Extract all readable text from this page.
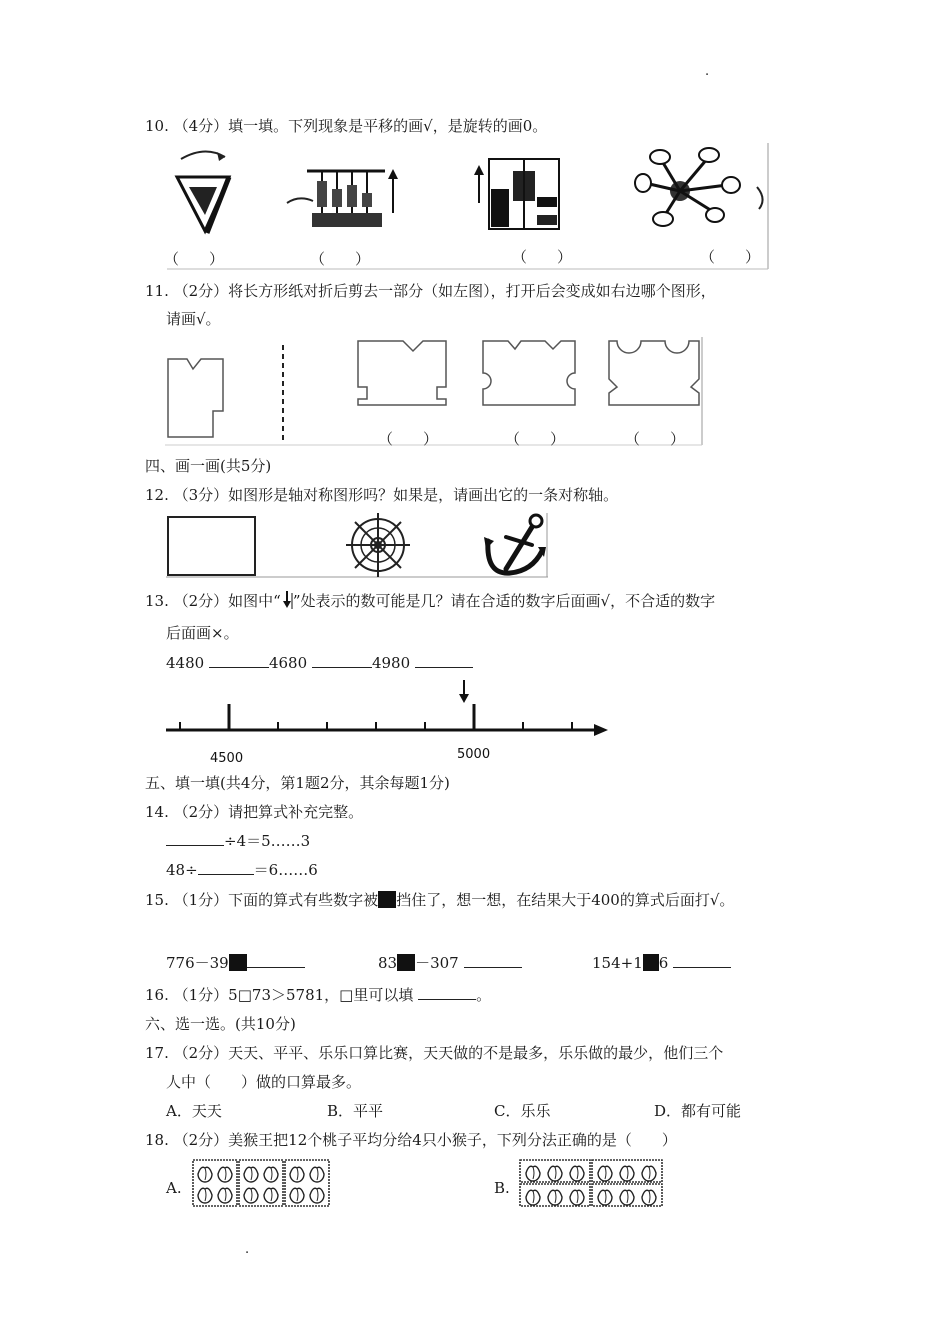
.
10. （4分）填一填。下列现象是平移的画√，是旋转的画0。
（　　）	（　　）	（　　）	（　　）
11. （2分）将长方形纸对折后剪去一部分（如左图），打开后会变成如右边哪个图形，
请画√。
（　　）	（　　）	（　　）
四、画一画(共5分)
12. （3分）如图形是轴对称图形吗？如果是，请画出它的一条对称轴。
13. （2分）如图中“ ”处表示的数可能是几？请在合适的数字后面画√，不合适的数字
后面画×。
4480	4680	4980
4500	5000
五、填一填(共4分，第1题2分，其余每题1分)
14. （2分）请把算式补充完整。
÷4＝5……3
48÷	＝6……6
15. （1分）下面的算式有些数字被 挡住了，想一想，在结果大于400的算式后面打√。
776－39	83 －307	154+1 6
16. （1分）5□73＞5781，□里可以填	。
六、选一选。(共10分)
17. （2分）天天、平平、乐乐口算比赛，天天做的不是最多，乐乐做的最少，他们三个
人中（　　）做的口算最多。
A．天天	B．平平	C．乐乐	D．都有可能
18. （2分）美猴王把12个桃子平均分给4只小猴子，下列分法正确的是（　　）
A.	B.
.
